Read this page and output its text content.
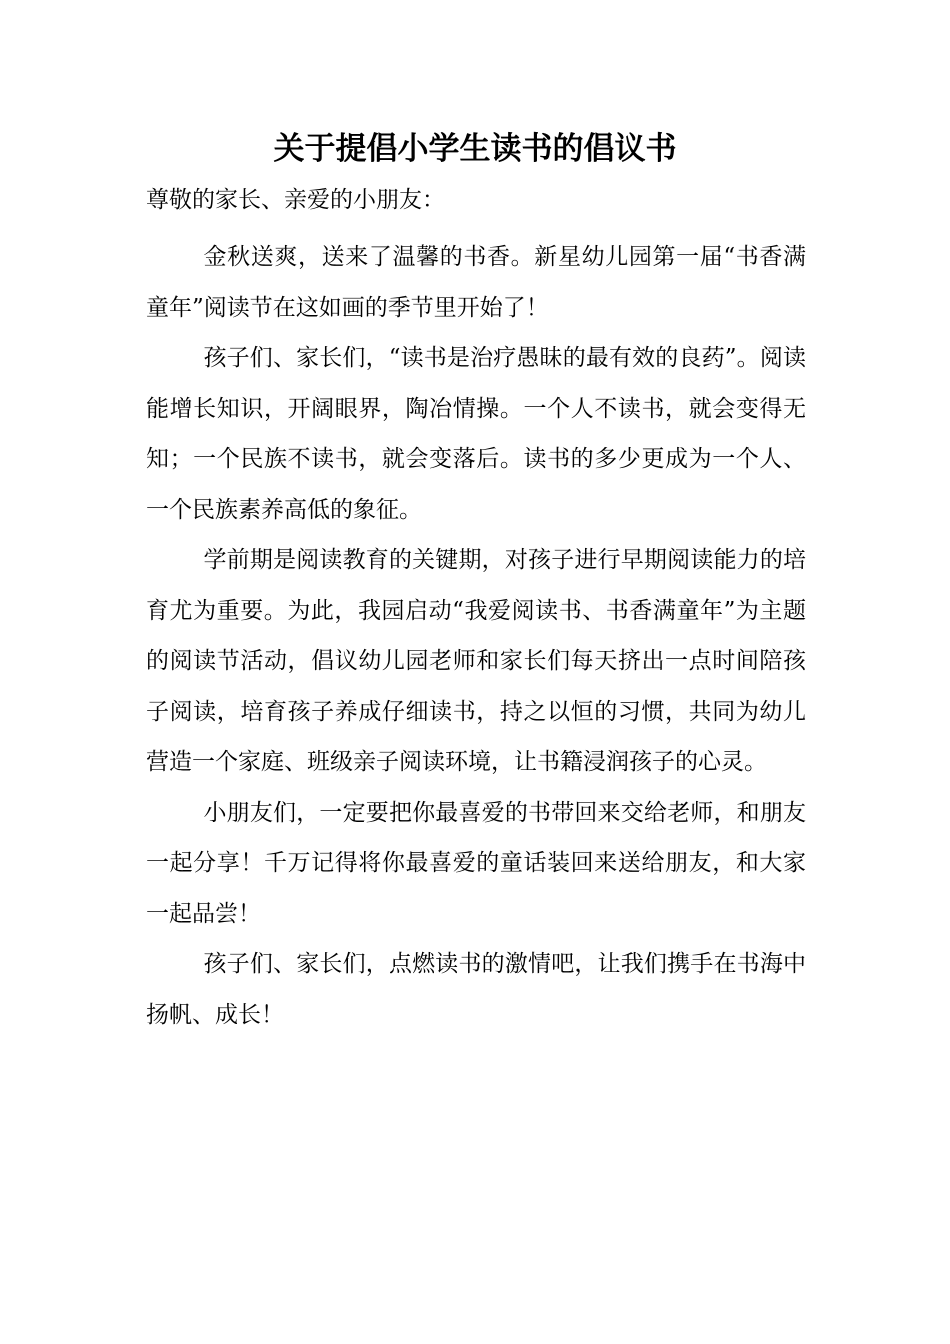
关于提倡小学生读书的倡议书

尊敬的家长、亲爱的小朋友：

金秋送爽，送来了温馨的书香。新星幼儿园第一届“书香满童年”阅读节在这如画的季节里开始了！

孩子们、家长们，“读书是治疗愚昧的最有效的良药”。阅读能增长知识，开阔眼界，陶冶情操。一个人不读书，就会变得无知；一个民族不读书，就会变落后。读书的多少更成为一个人、一个民族素养高低的象征。

学前期是阅读教育的关键期，对孩子进行早期阅读能力的培育尤为重要。为此，我园启动“我爱阅读书、书香满童年”为主题的阅读节活动，倡议幼儿园老师和家长们每天挤出一点时间陪孩子阅读，培育孩子养成仔细读书，持之以恒的习惯，共同为幼儿营造一个家庭、班级亲子阅读环境，让书籍浸润孩子的心灵。

小朋友们，一定要把你最喜爱的书带回来交给老师，和朋友一起分享！千万记得将你最喜爱的童话装回来送给朋友，和大家一起品尝！

孩子们、家长们，点燃读书的激情吧，让我们携手在书海中扬帆、成长！
